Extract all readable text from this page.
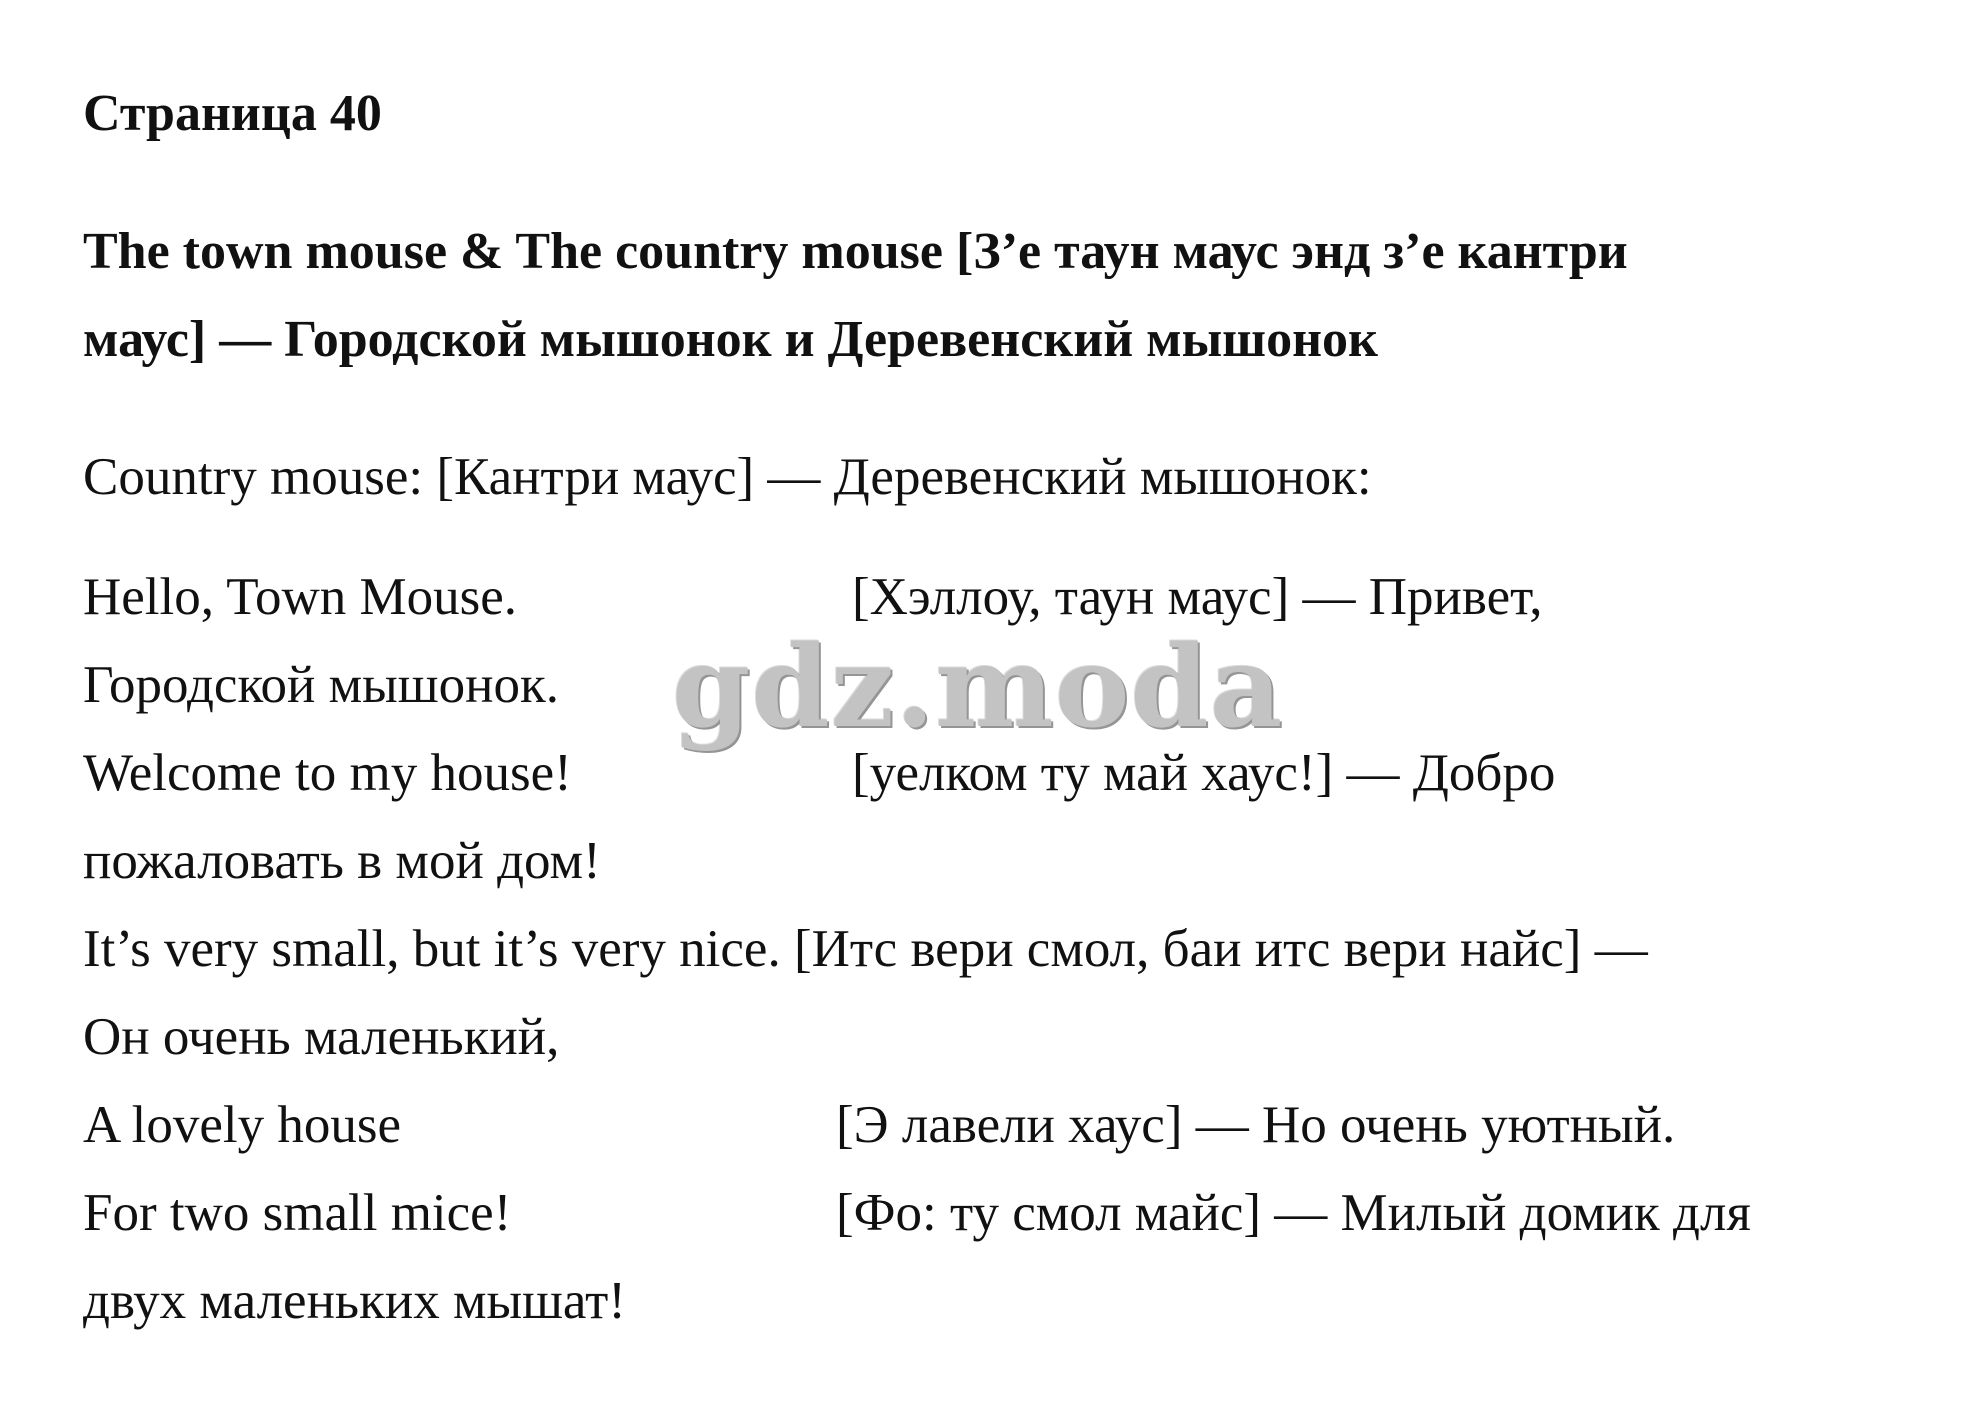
Страница 40
The town mouse & The country mouse [З’е таун маус энд з’е кантри
маус] — Городской мышонок и Деревенский мышонок
Country mouse: [Кантри маус] — Деревенский мышонок:
Hello, Town Mouse.	[Хэллоу, таун маус] — Привет,
Городской мышонок.
Welcome to my house!	[уелком ту май хаус!] — Добро
пожаловать в мой дом!
It’s very small, but it’s very nice. [Итс вери смол, баи итс вери найс] —
Он очень маленький,
A lovely house	[Э лавели хаус] — Но очень уютный.
For two small mice!	[Фо: ту смол майс] — Милый домик для
двух маленьких мышат!
gdz.moda
